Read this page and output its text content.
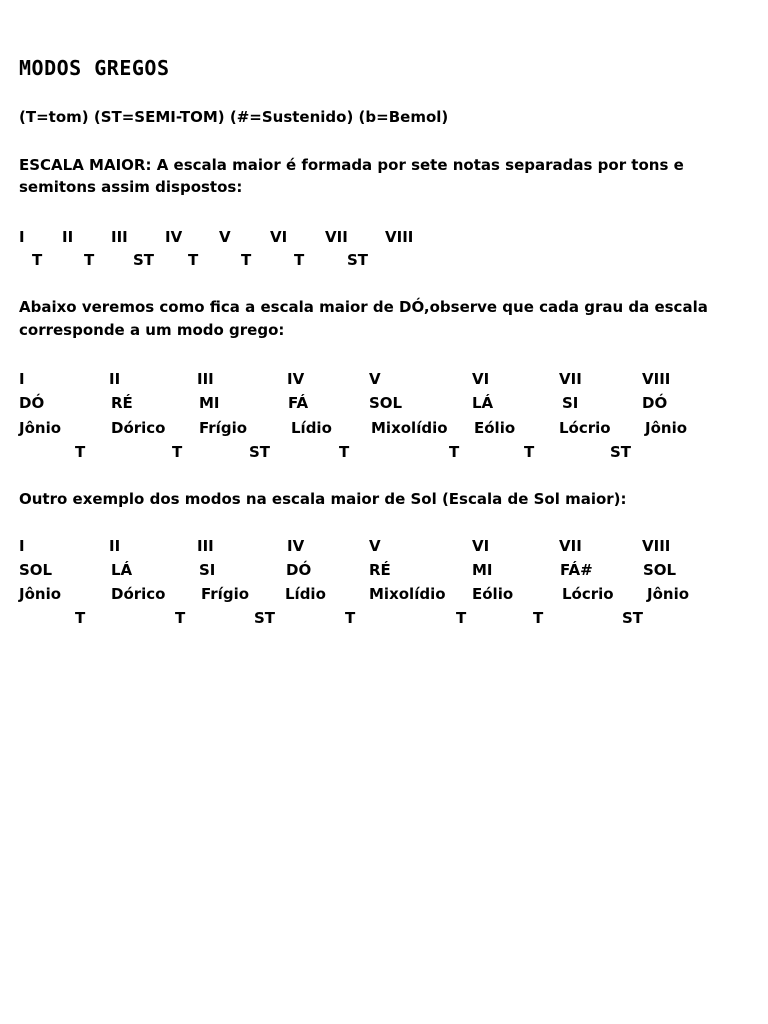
MODOS GREGOS
(T=tom) (ST=SEMI-TOM) (#=Sustenido) (b=Bemol)
ESCALA MAIOR: A escala maior é formada por sete notas separadas por tons e
semitons assim dispostos:
I II	III IV V	VI	VII VIII
T	T	ST T	T	T	ST
Abaixo veremos como fica a escala maior de DÓ,observe que cada grau da escala
corresponde a um modo grego:
I	II	III	IV	V	VI	VII	VIII
DÓ	RÉ	MI	FÁ	SOL	LÁ	SI	DÓ
Jônio	Dórico Frígio	Lídio	Mixolídio Eólio	Lócrio Jônio
T	T	ST	T	T	T	ST
Outro exemplo dos modos na escala maior de Sol (Escala de Sol maior):
I	II	III	IV	V	VI	VII	VIII
SOL	LÁ	SI	DÓ	RÉ	MI	FÁ#	SOL
Jônio	Dórico Frígio Lídio	Mixolídio Eólio	Lócrio Jônio
T	T	ST	T	T	T	ST
